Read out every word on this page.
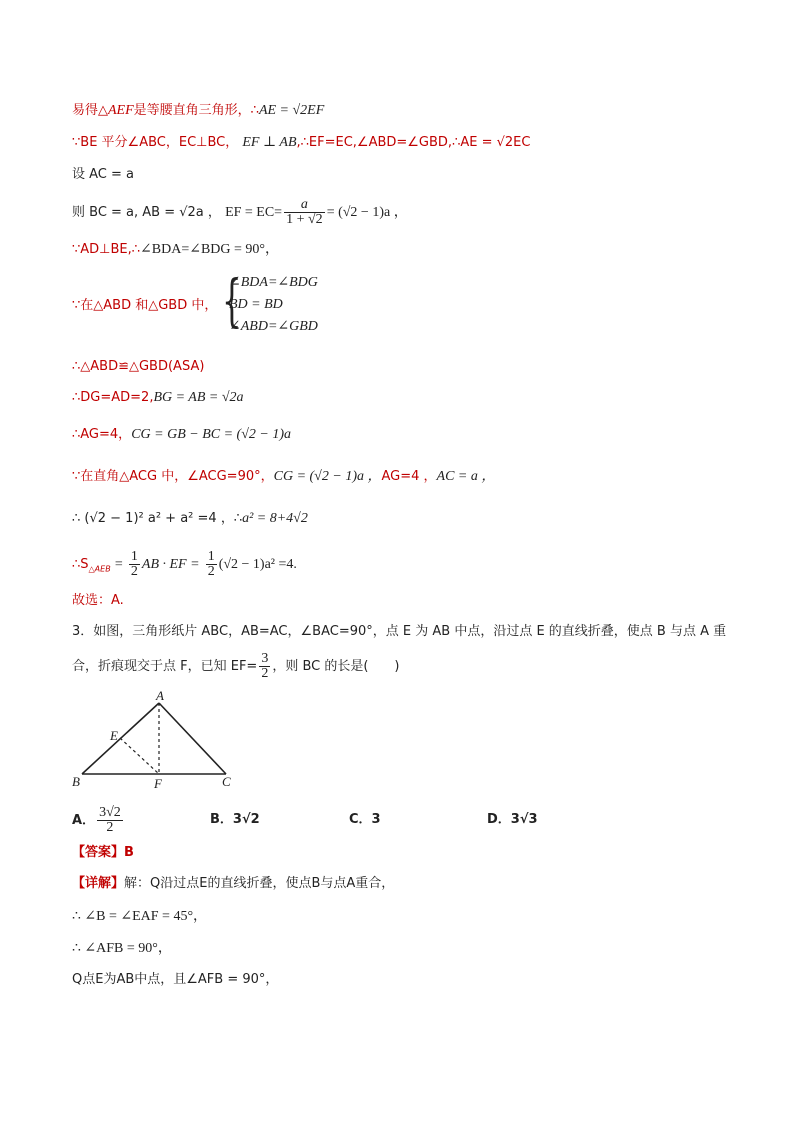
易得△AEF是等腰直角三角形，∴AE = √2EF
∵BE 平分∠ABC，EC⊥BC， EF ⊥ AB,∴EF=EC,∠ABD=∠GBD,∴AE = √2EC
设 AC = a
则 BC = a, AB = √2a ， EF = $EC= \frac{a}{1 + √2} = (√2 - 1)a$ ，
∵AD⊥BE,∴∠BDA=∠BDG = 90°，
∵在△ABD 和△GBD 中， {
∠BDA=∠BDG
BD = BD
∠ABD=∠GBD
∴△ABD≌△GBD(ASA)
∴DG=AD=2,BG = AB = √2a
∴AG=4，CG = GB − BC = (√2 − 1)a
∵在直角△ACG 中，∠ACG=90°，CG = (√2 − 1)a ，AG=4 ，AC = a ，
∴ (√2 − 1)² a² + a² =4 ，∴a² = 8+4√2
$\therefore S_{\triangle AEB} = \frac{1}{2}$ AB · EF = $\frac{1}{2} (√2 - 1)a^2 =4$.
故选：A.
3．如图，三角形纸片 ABC，AB=AC，∠BAC=90°，点 E 为 AB 中点，沿过点 E 的直线折叠，使点 B 与点 A 重
合，折痕现交于点 F，已知 $EF= \frac{3}{2}$ ，则 BC 的长是(　　)
A
E
B	F	C
A． $\frac{3√2}{2}$	B．3√2	C．3	D．3√3
【答案】B
【详解】解：Q沿过点E的直线折叠，使点B与点A重合，
∴ ∠B = ∠EAF = 45°，
∴ ∠AFB = 90°，
Q点E为AB中点，且∠AFB = 90°，
